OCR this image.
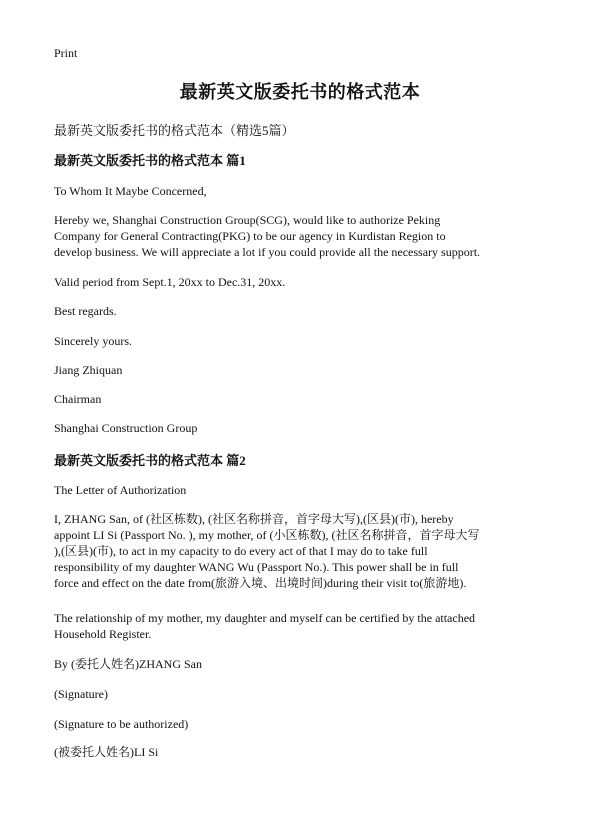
Print
最新英文版委托书的格式范本
最新英文版委托书的格式范本（精选5篇）
最新英文版委托书的格式范本 篇1
To Whom It Maybe Concerned,
Hereby we, Shanghai Construction Group(SCG), would like to authorize Peking
Company for General Contracting(PKG) to be our agency in Kurdistan Region to
develop business. We will appreciate a lot if you could provide all the necessary support.
Valid period from Sept.1, 20xx to Dec.31, 20xx.
Best regards.
Sincerely yours.
Jiang Zhiquan
Chairman
Shanghai Construction Group
最新英文版委托书的格式范本 篇2
The Letter of Authorization
I, ZHANG San, of (社区栋数), (社区名称拼音，首字母大写),(区县)(市), hereby
appoint LI Si (Passport No. ), my mother, of (小区栋数), (社区名称拼音，首字母大写
),(区县)(市), to act in my capacity to do every act of that I may do to take full
responsibility of my daughter WANG Wu (Passport No.). This power shall be in full
force and effect on the date from(旅游入境、出境时间)during their visit to(旅游地).
The relationship of my mother, my daughter and myself can be certified by the attached
Household Register.
By (委托人姓名)ZHANG San
(Signature)
(Signature to be authorized)
(被委托人姓名)LI Si
